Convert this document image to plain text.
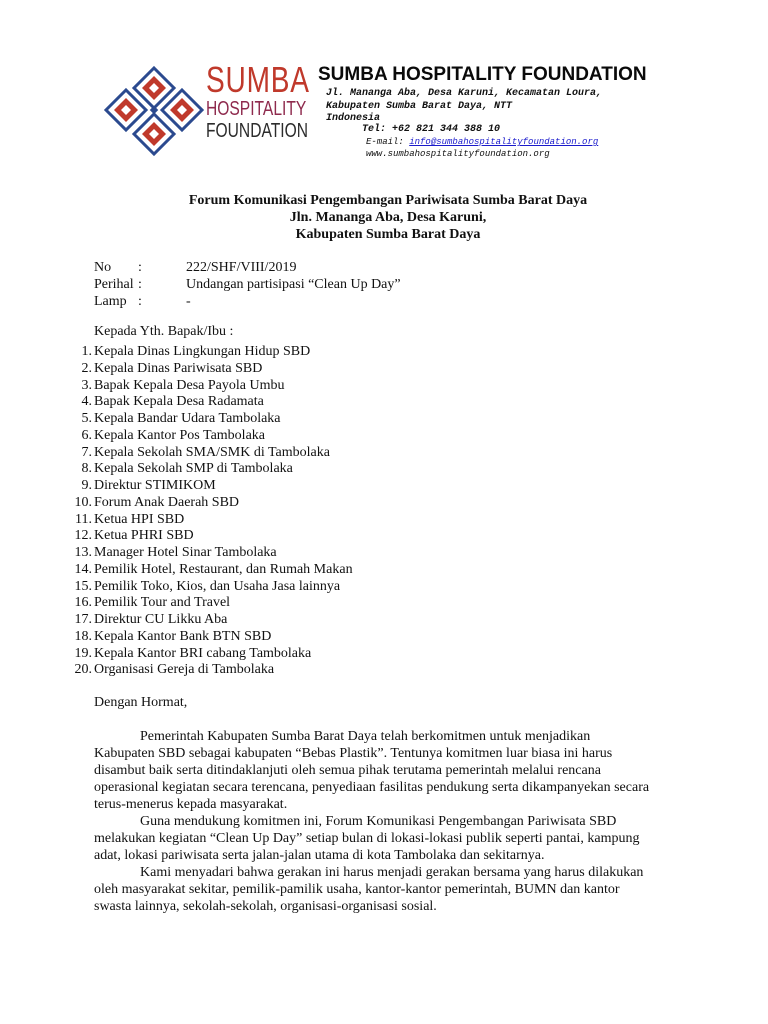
SUMBA
HOSPITALITY
FOUNDATION
SUMBA HOSPITALITY FOUNDATION
Jl. Mananga Aba, Desa Karuni, Kecamatan Loura,
Kabupaten Sumba Barat Daya, NTT
Indonesia
Tel: +62 821 344 388 10
E-mail: info@sumbahospitalityfoundation.org
www.sumbahospitalityfoundation.org
Forum Komunikasi Pengembangan Pariwisata Sumba Barat Daya
Jln. Mananga Aba, Desa Karuni,
Kabupaten Sumba Barat Daya
No :	222/SHF/VIII/2019
Perihal :	Undangan partisipasi “Clean Up Day”
Lamp :	-
Kepada Yth. Bapak/Ibu :
1. Kepala Dinas Lingkungan Hidup SBD
2. Kepala Dinas Pariwisata SBD
3. Bapak Kepala Desa Payola Umbu
4. Bapak Kepala Desa Radamata
5. Kepala Bandar Udara Tambolaka
6. Kepala Kantor Pos Tambolaka
7. Kepala Sekolah SMA/SMK di Tambolaka
8. Kepala Sekolah SMP di Tambolaka
9. Direktur STIMIKOM
10. Forum Anak Daerah SBD
11. Ketua HPI SBD
12. Ketua PHRI SBD
13. Manager Hotel Sinar Tambolaka
14. Pemilik Hotel, Restaurant, dan Rumah Makan
15. Pemilik Toko, Kios, dan Usaha Jasa lainnya
16. Pemilik Tour and Travel
17. Direktur CU Likku Aba
18. Kepala Kantor Bank BTN SBD
19. Kepala Kantor BRI cabang Tambolaka
20. Organisasi Gereja di Tambolaka
Dengan Hormat,

Pemerintah Kabupaten Sumba Barat Daya telah berkomitmen untuk menjadikan Kabupaten SBD sebagai kabupaten “Bebas Plastik”. Tentunya komitmen luar biasa ini harus disambut baik serta ditindaklanjuti oleh semua pihak terutama pemerintah melalui rencana operasional kegiatan secara terencana, penyediaan fasilitas pendukung serta dikampanyekan secara terus-menerus kepada masyarakat.

Guna mendukung komitmen ini, Forum Komunikasi Pengembangan Pariwisata SBD melakukan kegiatan “Clean Up Day” setiap bulan di lokasi-lokasi publik seperti pantai, kampung adat, lokasi pariwisata serta jalan-jalan utama di kota Tambolaka dan sekitarnya.

Kami menyadari bahwa gerakan ini harus menjadi gerakan bersama yang harus dilakukan oleh masyarakat sekitar, pemilik-pamilik usaha, kantor-kantor pemerintah, BUMN dan kantor swasta lainnya, sekolah-sekolah, organisasi-organisasi sosial.
